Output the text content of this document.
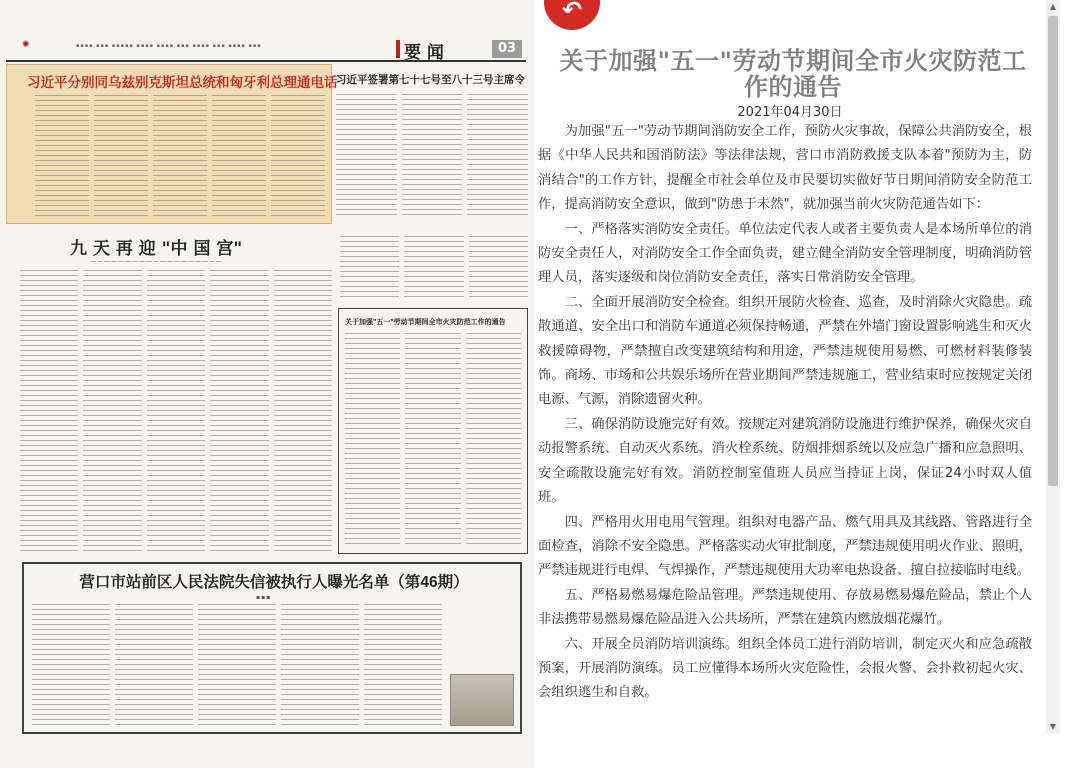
✺	▪▪▪▪ ▪▪▪ ▪▪▪▪▪ ▪▪▪▪ ▪▪▪▪ ▪▪▪ ▪▪▪▪ ▪▪▪ ▪▪▪▪ ▪▪▪	要 闻	03
习近平分别同乌兹别克斯坦总统和匈牙利总理通电话
习近平签署第七十七号至八十三号主席令
九 天 再 迎 "中 国 宫"
———————————————————
关于加强"五一"劳动节期间全市火灾防范工作的通告
营口市站前区人民法院失信被执行人曝光名单（第46期）
▪▪▪
↶
关于加强"五一"劳动节期间全市火灾防范工作的通告
2021年04月30日

为加强"五一"劳动节期间消防安全工作，预防火灾事故，保障公共消防安全，根据《中华人民共和国消防法》等法律法规，营口市消防救援支队本着"预防为主，防消结合"的工作方针，提醒全市社会单位及市民要切实做好节日期间消防安全防范工作，提高消防安全意识，做到"防患于未然"，就加强当前火灾防范通告如下：

一、严格落实消防安全责任。单位法定代表人或者主要负责人是本场所单位的消防安全责任人，对消防安全工作全面负责，建立健全消防安全管理制度，明确消防管理人员，落实逐级和岗位消防安全责任，落实日常消防安全管理。

二、全面开展消防安全检查。组织开展防火检查、巡查，及时消除火灾隐患。疏散通道、安全出口和消防车通道必须保持畅通，严禁在外墙门窗设置影响逃生和灭火救援障碍物，严禁擅自改变建筑结构和用途，严禁违规使用易燃、可燃材料装修装饰。商场、市场和公共娱乐场所在营业期间严禁违规施工，营业结束时应按规定关闭电源、气源，消除遗留火种。

三、确保消防设施完好有效。按规定对建筑消防设施进行维护保养，确保火灾自动报警系统、自动灭火系统、消火栓系统、防烟排烟系统以及应急广播和应急照明、安全疏散设施完好有效。消防控制室值班人员应当持证上岗，保证24小时双人值班。

四、严格用火用电用气管理。组织对电器产品、燃气用具及其线路、管路进行全面检查，消除不安全隐患。严格落实动火审批制度，严禁违规使用明火作业、照明，严禁违规进行电焊、气焊操作，严禁违规使用大功率电热设备、擅自拉接临时电线。

五、严格易燃易爆危险品管理。严禁违规使用、存放易燃易爆危险品，禁止个人非法携带易燃易爆危险品进入公共场所，严禁在建筑内燃放烟花爆竹。

六、开展全员消防培训演练。组织全体员工进行消防培训，制定灭火和应急疏散预案，开展消防演练。员工应懂得本场所火灾危险性，会报火警、会扑救初起火灾、会组织逃生和自救。

▲
▼
